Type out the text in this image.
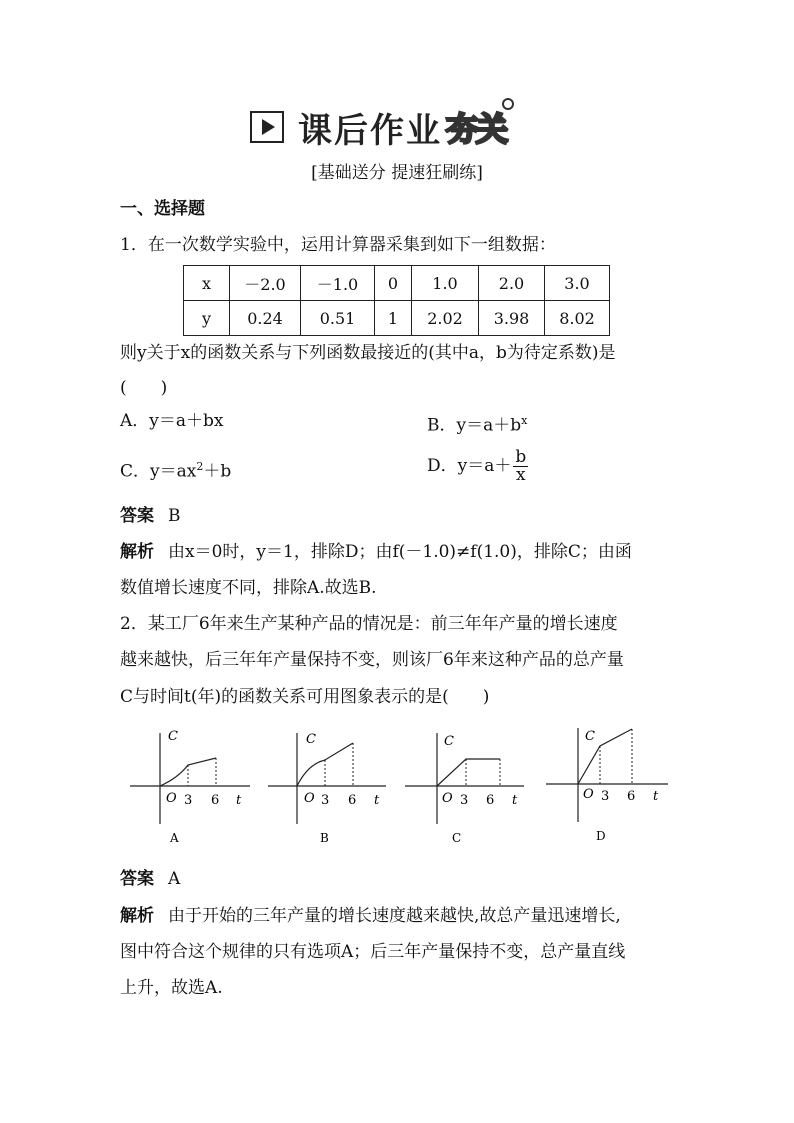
课后作业 夯关
[基础送分 提速狂刷练]
一、选择题
1．在一次数学实验中，运用计算器采集到如下一组数据：
x	－2.0	－1.0	0	1.0	2.0	3.0
y	0.24	0.51	1	2.02	3.98	8.02
则y关于x的函数关系与下列函数最接近的(其中a，b为待定系数)是
(　　)
A．y＝a＋bx	B．$y=a+b^x$
C．$y=ax^2+b$	D．$y=a+ \frac{b}{x}$
答案 B
解析 由x＝0时，y＝1，排除D；由f(－1.0)≠f(1.0)，排除C；由函
数值增长速度不同，排除A.故选B.
2．某工厂6年来生产某种产品的情况是：前三年年产量的增长速度
越来越快，后三年年产量保持不变，则该厂6年来这种产品的总产量
C与时间t(年)的函数关系可用图象表示的是(　　)
C
O 3 6 t
A
C
O 3 6 t
B
C
O 3 6 t
C
C
O 3 6 t
D
答案 A
解析 由于开始的三年产量的增长速度越来越快,故总产量迅速增长,
图中符合这个规律的只有选项A；后三年产量保持不变，总产量直线
上升，故选A.
